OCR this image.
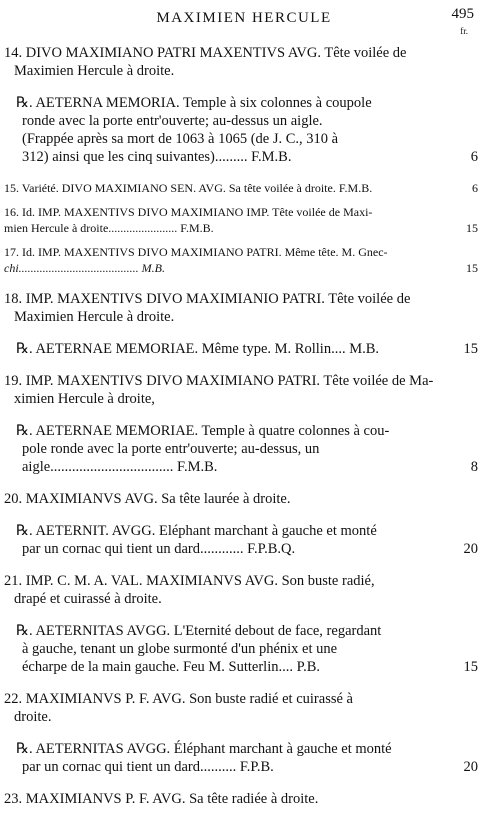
MAXIMIEN HERCULE	495
fr.
14. DIVO MAXIMIANO PATRI MAXENTIVS AVG. Tête voilée de
Maximien Hercule à droite.
℞. AETERNA MEMORIA. Temple à six colonnes à coupole
ronde avec la porte entr'ouverte; au-dessus un aigle.
(Frappée après sa mort de 1063 à 1065 (de J. C., 310 à
312) ainsi que les cinq suivantes)......... F.M.B.	6
15. Variété. DIVO MAXIMIANO SEN. AVG. Sa tête voilée à droite. F.M.B.	6
16. Id. IMP. MAXENTIVS DIVO MAXIMIANO IMP. Tête voilée de Maxi-
mien Hercule à droite....................... F.M.B.	15
17. Id. IMP. MAXENTIVS DIVO MAXIMIANO PATRI. Même tête. M. Gnec-
chi........................................ M.B.	15
18. IMP. MAXENTIVS DIVO MAXIMIANIO PATRI. Tête voilée de
Maximien Hercule à droite.
℞. AETERNAE MEMORIAE. Même type. M. Rollin.... M.B.	15
19. IMP. MAXENTIVS DIVO MAXIMIANO PATRI. Tête voilée de Ma-
ximien Hercule à droite,
℞. AETERNAE MEMORIAE. Temple à quatre colonnes à cou-
pole ronde avec la porte entr'ouverte; au-dessus, un
aigle.................................. F.M.B.	8
20. MAXIMIANVS AVG. Sa tête laurée à droite.
℞. AETERNIT. AVGG. Eléphant marchant à gauche et monté
par un cornac qui tient un dard............ F.P.B.Q.	20
21. IMP. C. M. A. VAL. MAXIMIANVS AVG. Son buste radié,
drapé et cuirassé à droite.
℞. AETERNITAS AVGG. L'Eternité debout de face, regardant
à gauche, tenant un globe surmonté d'un phénix et une
écharpe de la main gauche. Feu M. Sutterlin.... P.B.	15
22. MAXIMIANVS P. F. AVG. Son buste radié et cuirassé à
droite.
℞. AETERNITAS AVGG. Éléphant marchant à gauche et monté
par un cornac qui tient un dard.......... F.P.B.	20
23. MAXIMIANVS P. F. AVG. Sa tête radiée à droite.
